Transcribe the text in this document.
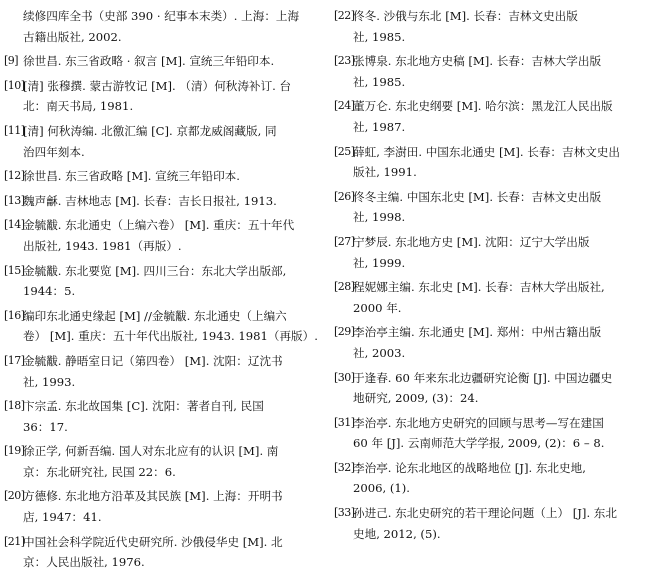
续修四库全书（史部 390 · 纪事本末类）. 上海：上海
古籍出版社, 2002.
[9] 徐世昌. 东三省政略 · 叙言 [M]. 宣统三年铅印本.
[10]
[清] 张穆撰. 蒙古游牧记 [M]. （清）何秋涛补订. 台
北：南天书局, 1981.
[11]
[清] 何秋涛编. 北徼汇编 [C]. 京都龙威阁藏版, 同
治四年刻本.
[12]
徐世昌. 东三省政略 [M]. 宣统三年铅印本.
[13]
魏声龢. 吉林地志 [M]. 长春：吉长日报社, 1913.
[14]
金毓黻. 东北通史（上编六卷） [M]. 重庆：五十年代
出版社, 1943. 1981（再版）.
[15]
金毓黻. 东北要览 [M]. 四川三台：东北大学出版部,
1944：5.
[16]
编印东北通史缘起 [M] //金毓黻. 东北通史（上编六
卷） [M]. 重庆：五十年代出版社, 1943. 1981（再版）.
[17]
金毓黻. 静晤室日记（第四卷） [M]. 沈阳：辽沈书
社, 1993.
[18]
卞宗孟. 东北故国集 [C]. 沈阳：著者自刊, 民国
36：17.
[19]
徐正学, 何新吾编. 国人对东北应有的认识 [M]. 南
京：东北研究社, 民国 22：6.
[20]
方德修. 东北地方沿革及其民族 [M]. 上海：开明书
店, 1947：41.
[21]
中国社会科学院近代史研究所. 沙俄侵华史 [M]. 北
京：人民出版社, 1976.
[22]
佟冬. 沙俄与东北 [M]. 长春：吉林文史出版
社, 1985.
[23]
张博泉. 东北地方史稿 [M]. 长春：吉林大学出版
社, 1985.
[24]
董万仑. 东北史纲要 [M]. 哈尔滨：黑龙江人民出版
社, 1987.
[25]
薛虹, 李澍田. 中国东北通史 [M]. 长春：吉林文史出
版社, 1991.
[26]
佟冬主编. 中国东北史 [M]. 长春：吉林文史出版
社, 1998.
[27]
宁梦辰. 东北地方史 [M]. 沈阳：辽宁大学出版
社, 1999.
[28]
程妮娜主编. 东北史 [M]. 长春：吉林大学出版社,
2000 年.
[29]
李治亭主编. 东北通史 [M]. 郑州：中州古籍出版
社, 2003.
[30]
于逢春. 60 年来东北边疆研究论衡 [J]. 中国边疆史
地研究, 2009, (3)：24.
[31]
李治亭. 东北地方史研究的回顾与思考—写在建国
60 年 [J]. 云南师范大学学报, 2009, (2)：6 – 8.
[32]
李治亭. 论东北地区的战略地位 [J]. 东北史地,
2006, (1).
[33]
孙进己. 东北史研究的若干理论问题（上） [J]. 东北
史地, 2012, (5).
